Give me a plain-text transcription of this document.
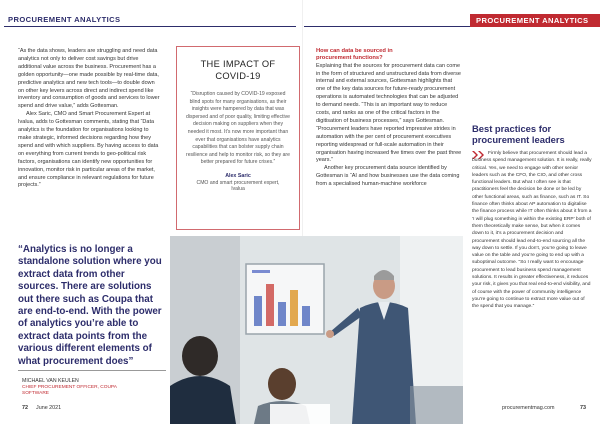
PROCUREMENT ANALYTICS	PROCUREMENT ANALYTICS

“As the data shows, leaders are struggling and need data analytics not only to deliver cost savings but drive additional value across the business. Procurement has a golden opportunity—one made possible by real-time data, predictive analytics and new tech tools—to double down on other key levers across direct and indirect spend like inventory and consumption of goods and services to lower spend and drive value,” adds Gottesman.

Alex Saric, CMO and Smart Procurement Expert at Ivalua, adds to Gottesman comments, stating that “Data analytics is the foundation for organisations looking to make strategic, informed decisions regarding how they spend and with which suppliers. By having access to data on everything from current trends to geo-political risk factors, organisations can identify new opportunities for innovation, monitor risk in particular areas of the market, and ensure compliance in relevant regulations for future projects.”

THE IMPACT OF
COVID-19
“Disruption caused by COVID-19 exposed blind spots for many organisations, as their insights were hampered by data that was dispersed and of poor quality, limiting effective decision making on suppliers when they needed it most. It’s now more important than ever that organisations have analytics capabilities that can bolster supply chain resilience and help to monitor risk, so they are better prepared for future crises.”
Alex Saric
CMO and smart procurement expert,
Ivalua
How can data be sourced in
procurement functions?

Explaining that the sources for procurement data can come in the form of structured and unstructured data from diverse internal and external sources, Gottesman highlights that one of the key data sources for future-ready procurement operations is automated technologies that can be adjusted to demand needs. “This is an important way to reduce costs, and ranks as one of the critical factors in the digitisation of business processes,” says Gottesman. “Procurement leaders have reported impressive strides in automation with the per cent of procurement executives reporting widespread or full-scale automation in their organisation having increased five times over the past three years.”

Another key procurement data source identified by Gottesman is “AI and how businesses use the data coming from a specialised human-machine workforce

“Analytics is no longer a standalone solution where you extract data from other sources. There are solutions out there such as Coupa that are end-to-end. With the power of analytics you’re able to extract data points from the various different elements of what procurement does”
MICHAEL VAN KEULEN
CHIEF PROCUREMENT OFFICER, COUPA SOFTWARE
Best practices for
procurement leaders
Firmly believe that procurement should lead a business spend management solution. It is really, really critical. Yes, we need to engage with other senior leaders such as the CFO, the CIO, and other cross functional leaders. But what I often see is that practitioners feel the decision be done or be led by other functional areas, such as finance, such as IT. So finance often thinks about AP automation to digitalise the finance process while IT often thinks about it from a ‘I will plug something in within the existing ERP’ both of them theoretically make sense, but when it comes down to it, it’s a procurement decision and procurement should lead end-to-end sourcing all the way down to settle. If you don’t, you’re going to leave value on the table and you’re going to end up with a suboptimal outcome. “So I really want to encourage procurement to lead business spend management solutions. It results in greater effectiveness, it reduces your risk, it gives you that real end-to-end visibility, and of course with the power of community intelligence you’re going to continue to extract more value out of the spend that you manage.”
72 June 2021	procurementmag.com	73
